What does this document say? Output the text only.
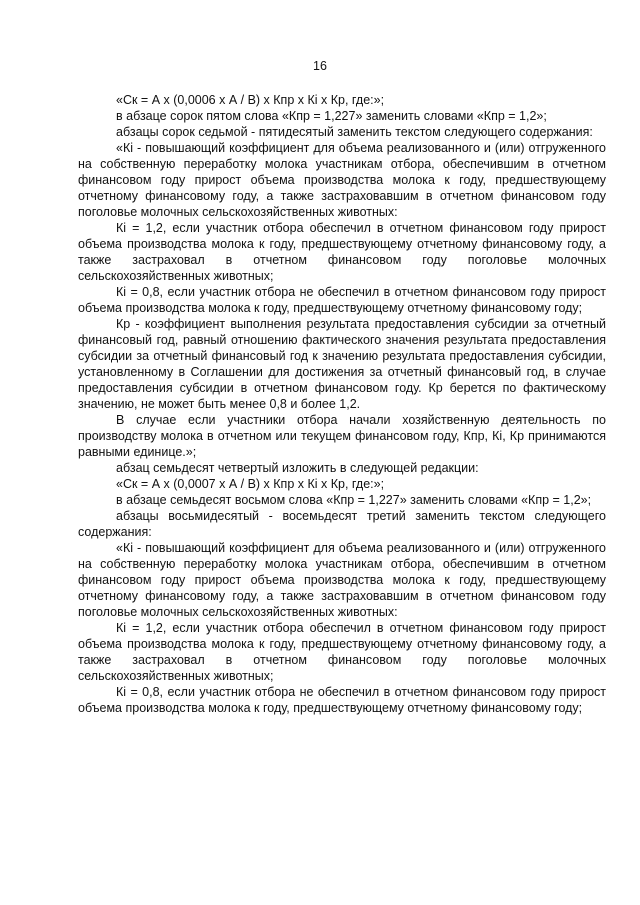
16

«Ск = А х (0,0006 х А / В) х Кпр х Кi х Кр, где:»;

в абзаце сорок пятом слова «Кпр = 1,227» заменить словами «Кпр = 1,2»;

абзацы сорок седьмой - пятидесятый заменить текстом следующего содержания:

«Кi - повышающий коэффициент для объема реализованного и (или) отгруженного на собственную переработку молока участникам отбора, обеспечившим в отчетном финансовом году прирост объема производства молока к году, предшествующему отчетному финансовому году, а также застраховавшим в отчетном финансовом году поголовье молочных сельскохозяйственных животных:

Кi = 1,2, если участник отбора обеспечил в отчетном финансовом году прирост объема производства молока к году, предшествующему отчетному финансовому году, а также застраховал в отчетном финансовом году поголовье молочных сельскохозяйственных животных;

Кi = 0,8, если участник отбора не обеспечил в отчетном финансовом году прирост объема производства молока к году, предшествующему отчетному финансовому году;

Кр - коэффициент выполнения результата предоставления субсидии за отчетный финансовый год, равный отношению фактического значения результата предоставления субсидии за отчетный финансовый год к значению результата предоставления субсидии, установленному в Соглашении для достижения за отчетный финансовый год, в случае предоставления субсидии в отчетном финансовом году. Кр берется по фактическому значению, не может быть менее 0,8 и более 1,2.

В случае если участники отбора начали хозяйственную деятельность по производству молока в отчетном или текущем финансовом году, Кпр, Кi, Кр принимаются равными единице.»;

абзац семьдесят четвертый изложить в следующей редакции:

«Ск = А х (0,0007 х А / В) х Кпр х Кi х Кр, где:»;

в абзаце семьдесят восьмом слова «Кпр = 1,227» заменить словами «Кпр = 1,2»;

абзацы восьмидесятый - восемьдесят третий заменить текстом следующего содержания:

«Кi - повышающий коэффициент для объема реализованного и (или) отгруженного на собственную переработку молока участникам отбора, обеспечившим в отчетном финансовом году прирост объема производства молока к году, предшествующему отчетному финансовому году, а также застраховавшим в отчетном финансовом году поголовье молочных сельскохозяйственных животных:

Кi = 1,2, если участник отбора обеспечил в отчетном финансовом году прирост объема производства молока к году, предшествующему отчетному финансовому году, а также застраховал в отчетном финансовом году поголовье молочных сельскохозяйственных животных;

Кi = 0,8, если участник отбора не обеспечил в отчетном финансовом году прирост объема производства молока к году, предшествующему отчетному финансовому году;
